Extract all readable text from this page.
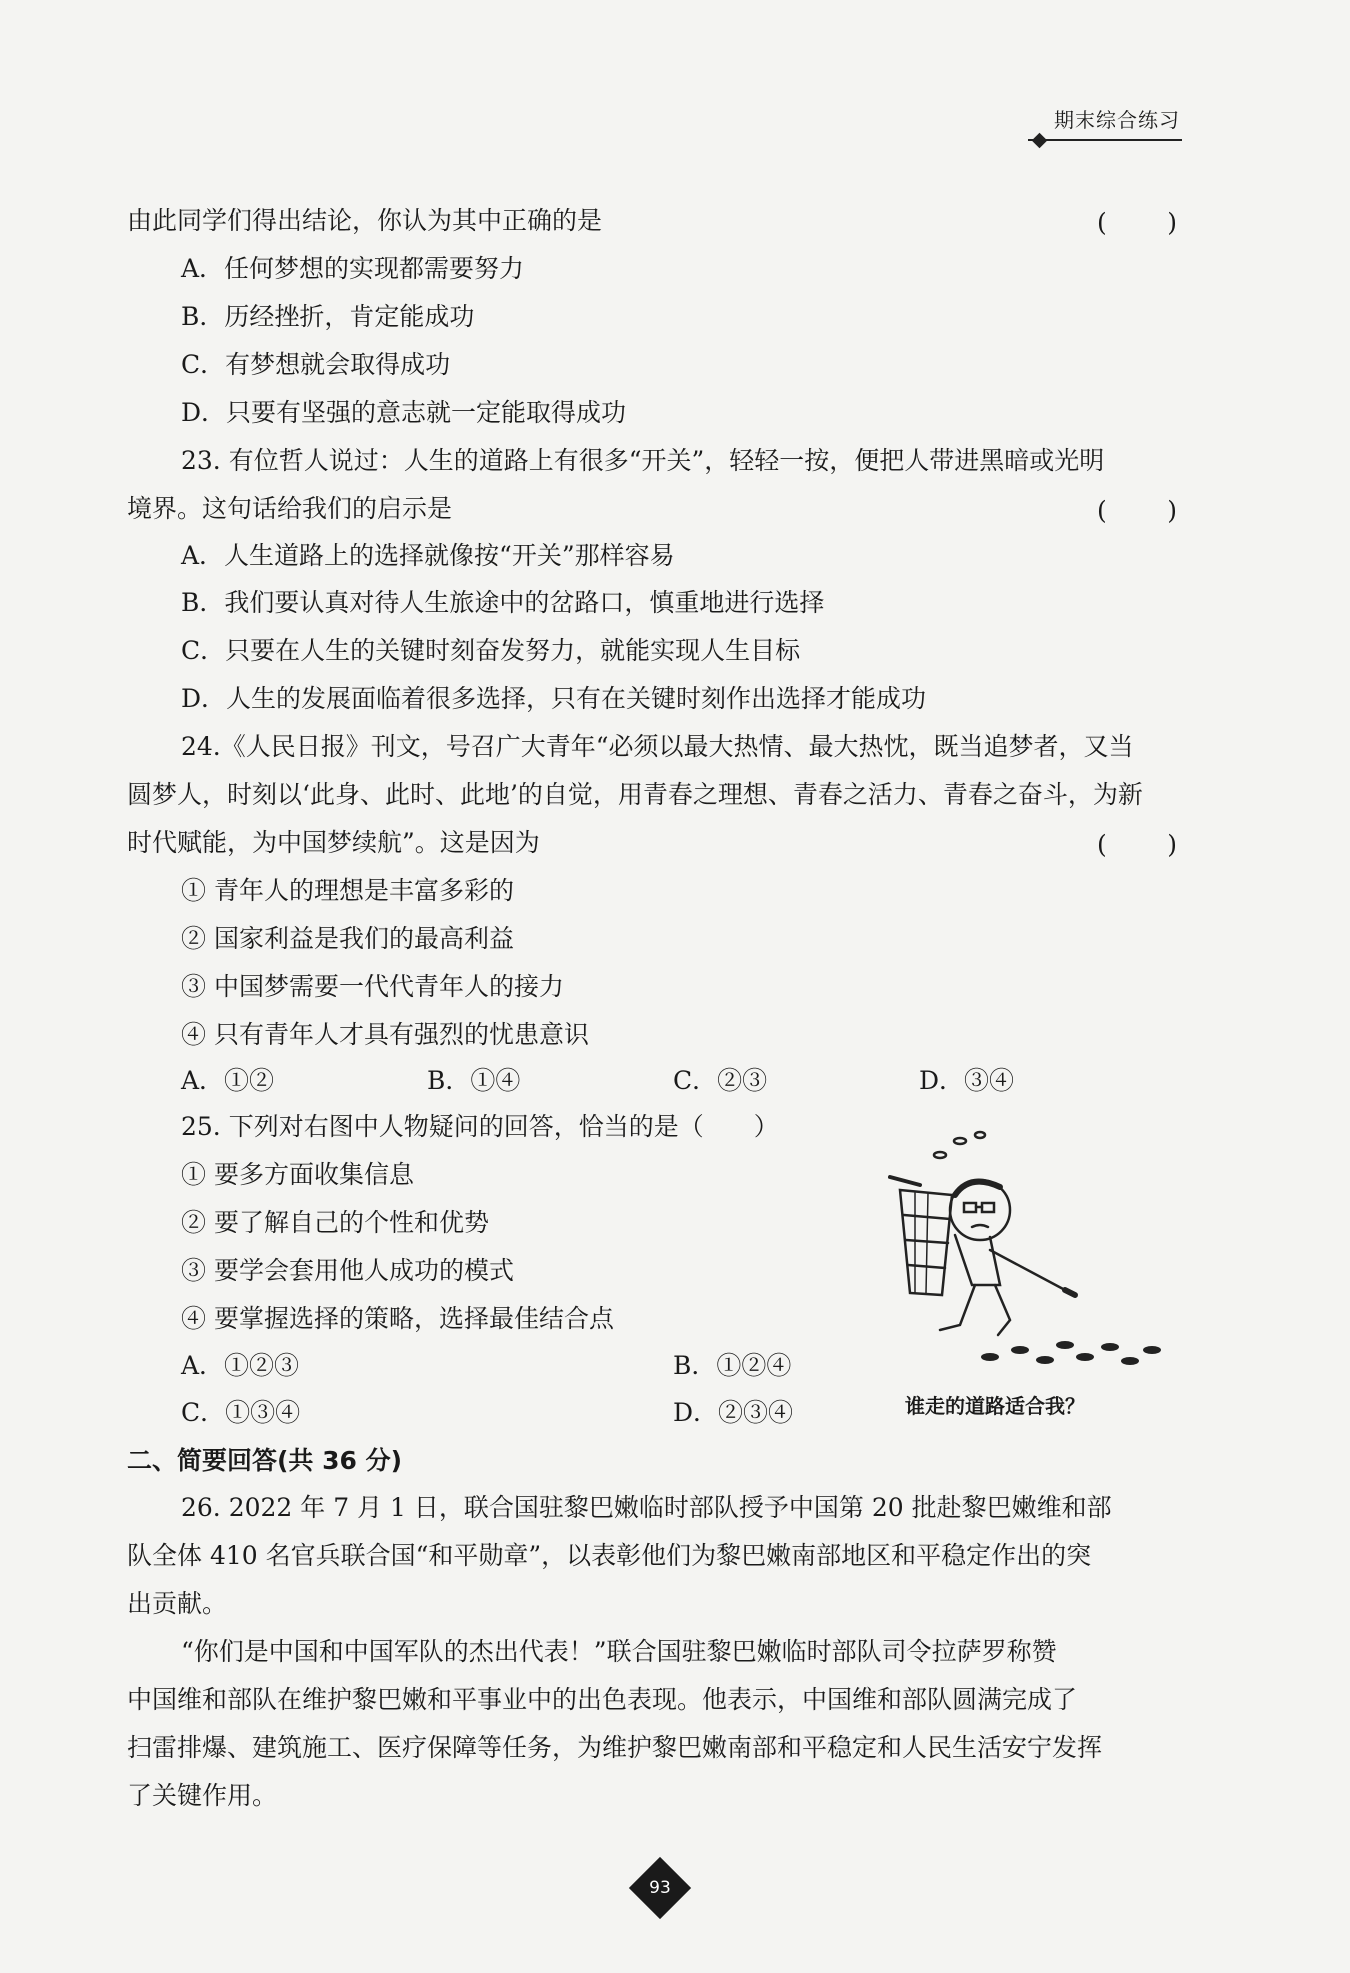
期末综合练习
由此同学们得出结论，你认为其中正确的是	( )
A．任何梦想的实现都需要努力
B．历经挫折，肯定能成功
C．有梦想就会取得成功
D．只要有坚强的意志就一定能取得成功
23. 有位哲人说过：人生的道路上有很多“开关”，轻轻一按，便把人带进黑暗或光明
境界。这句话给我们的启示是	( )
A．人生道路上的选择就像按“开关”那样容易
B．我们要认真对待人生旅途中的岔路口，慎重地进行选择
C．只要在人生的关键时刻奋发努力，就能实现人生目标
D．人生的发展面临着很多选择，只有在关键时刻作出选择才能成功
24.《人民日报》刊文，号召广大青年“必须以最大热情、最大热忱，既当追梦者，又当
圆梦人，时刻以‘此身、此时、此地’的自觉，用青春之理想、青春之活力、青春之奋斗，为新
时代赋能，为中国梦续航”。这是因为	( )
① 青年人的理想是丰富多彩的
② 国家利益是我们的最高利益
③ 中国梦需要一代代青年人的接力
④ 只有青年人才具有强烈的忧患意识
A．①②	B．①④	C．②③	D．③④
25. 下列对右图中人物疑问的回答，恰当的是（　　）
① 要多方面收集信息
② 要了解自己的个性和优势
③ 要学会套用他人成功的模式
④ 要掌握选择的策略，选择最佳结合点
A．①②③	B．①②④
C．①③④	D．②③④	谁走的道路适合我？
二、简要回答(共 36 分)
26. 2022 年 7 月 1 日，联合国驻黎巴嫩临时部队授予中国第 20 批赴黎巴嫩维和部
队全体 410 名官兵联合国“和平勋章”，以表彰他们为黎巴嫩南部地区和平稳定作出的突
出贡献。
“你们是中国和中国军队的杰出代表！”联合国驻黎巴嫩临时部队司令拉萨罗称赞
中国维和部队在维护黎巴嫩和平事业中的出色表现。他表示，中国维和部队圆满完成了
扫雷排爆、建筑施工、医疗保障等任务，为维护黎巴嫩南部和平稳定和人民生活安宁发挥
了关键作用。
93
